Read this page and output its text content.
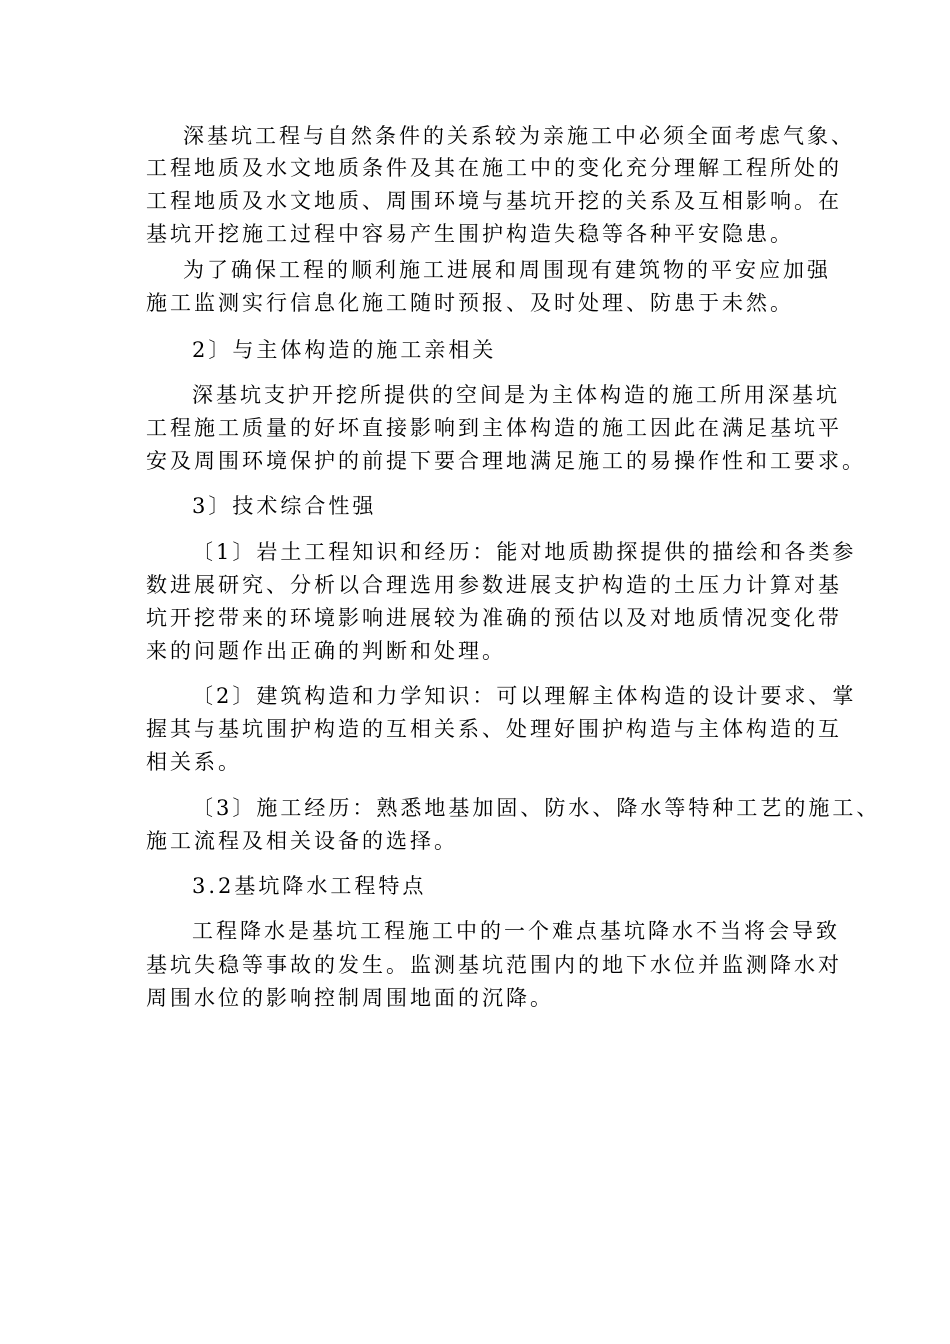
深基坑工程与自然条件的关系较为亲施工中必须全面考虑气象、
工程地质及水文地质条件及其在施工中的变化充分理解工程所处的
工程地质及水文地质、周围环境与基坑开挖的关系及互相影响。在
基坑开挖施工过程中容易产生围护构造失稳等各种平安隐患。
为了确保工程的顺利施工进展和周围现有建筑物的平安应加强
施工监测实行信息化施工随时预报、及时处理、防患于未然。
2〕与主体构造的施工亲相关
深基坑支护开挖所提供的空间是为主体构造的施工所用深基坑
工程施工质量的好坏直接影响到主体构造的施工因此在满足基坑平
安及周围环境保护的前提下要合理地满足施工的易操作性和工要求。
3〕技术综合性强
〔1〕岩土工程知识和经历：能对地质勘探提供的描绘和各类参
数进展研究、分析以合理选用参数进展支护构造的土压力计算对基
坑开挖带来的环境影响进展较为准确的预估以及对地质情况变化带
来的问题作出正确的判断和处理。
〔2〕建筑构造和力学知识：可以理解主体构造的设计要求、掌
握其与基坑围护构造的互相关系、处理好围护构造与主体构造的互
相关系。
〔3〕施工经历：熟悉地基加固、防水、降水等特种工艺的施工、
施工流程及相关设备的选择。
3.2基坑降水工程特点
工程降水是基坑工程施工中的一个难点基坑降水不当将会导致
基坑失稳等事故的发生。监测基坑范围内的地下水位并监测降水对
周围水位的影响控制周围地面的沉降。
